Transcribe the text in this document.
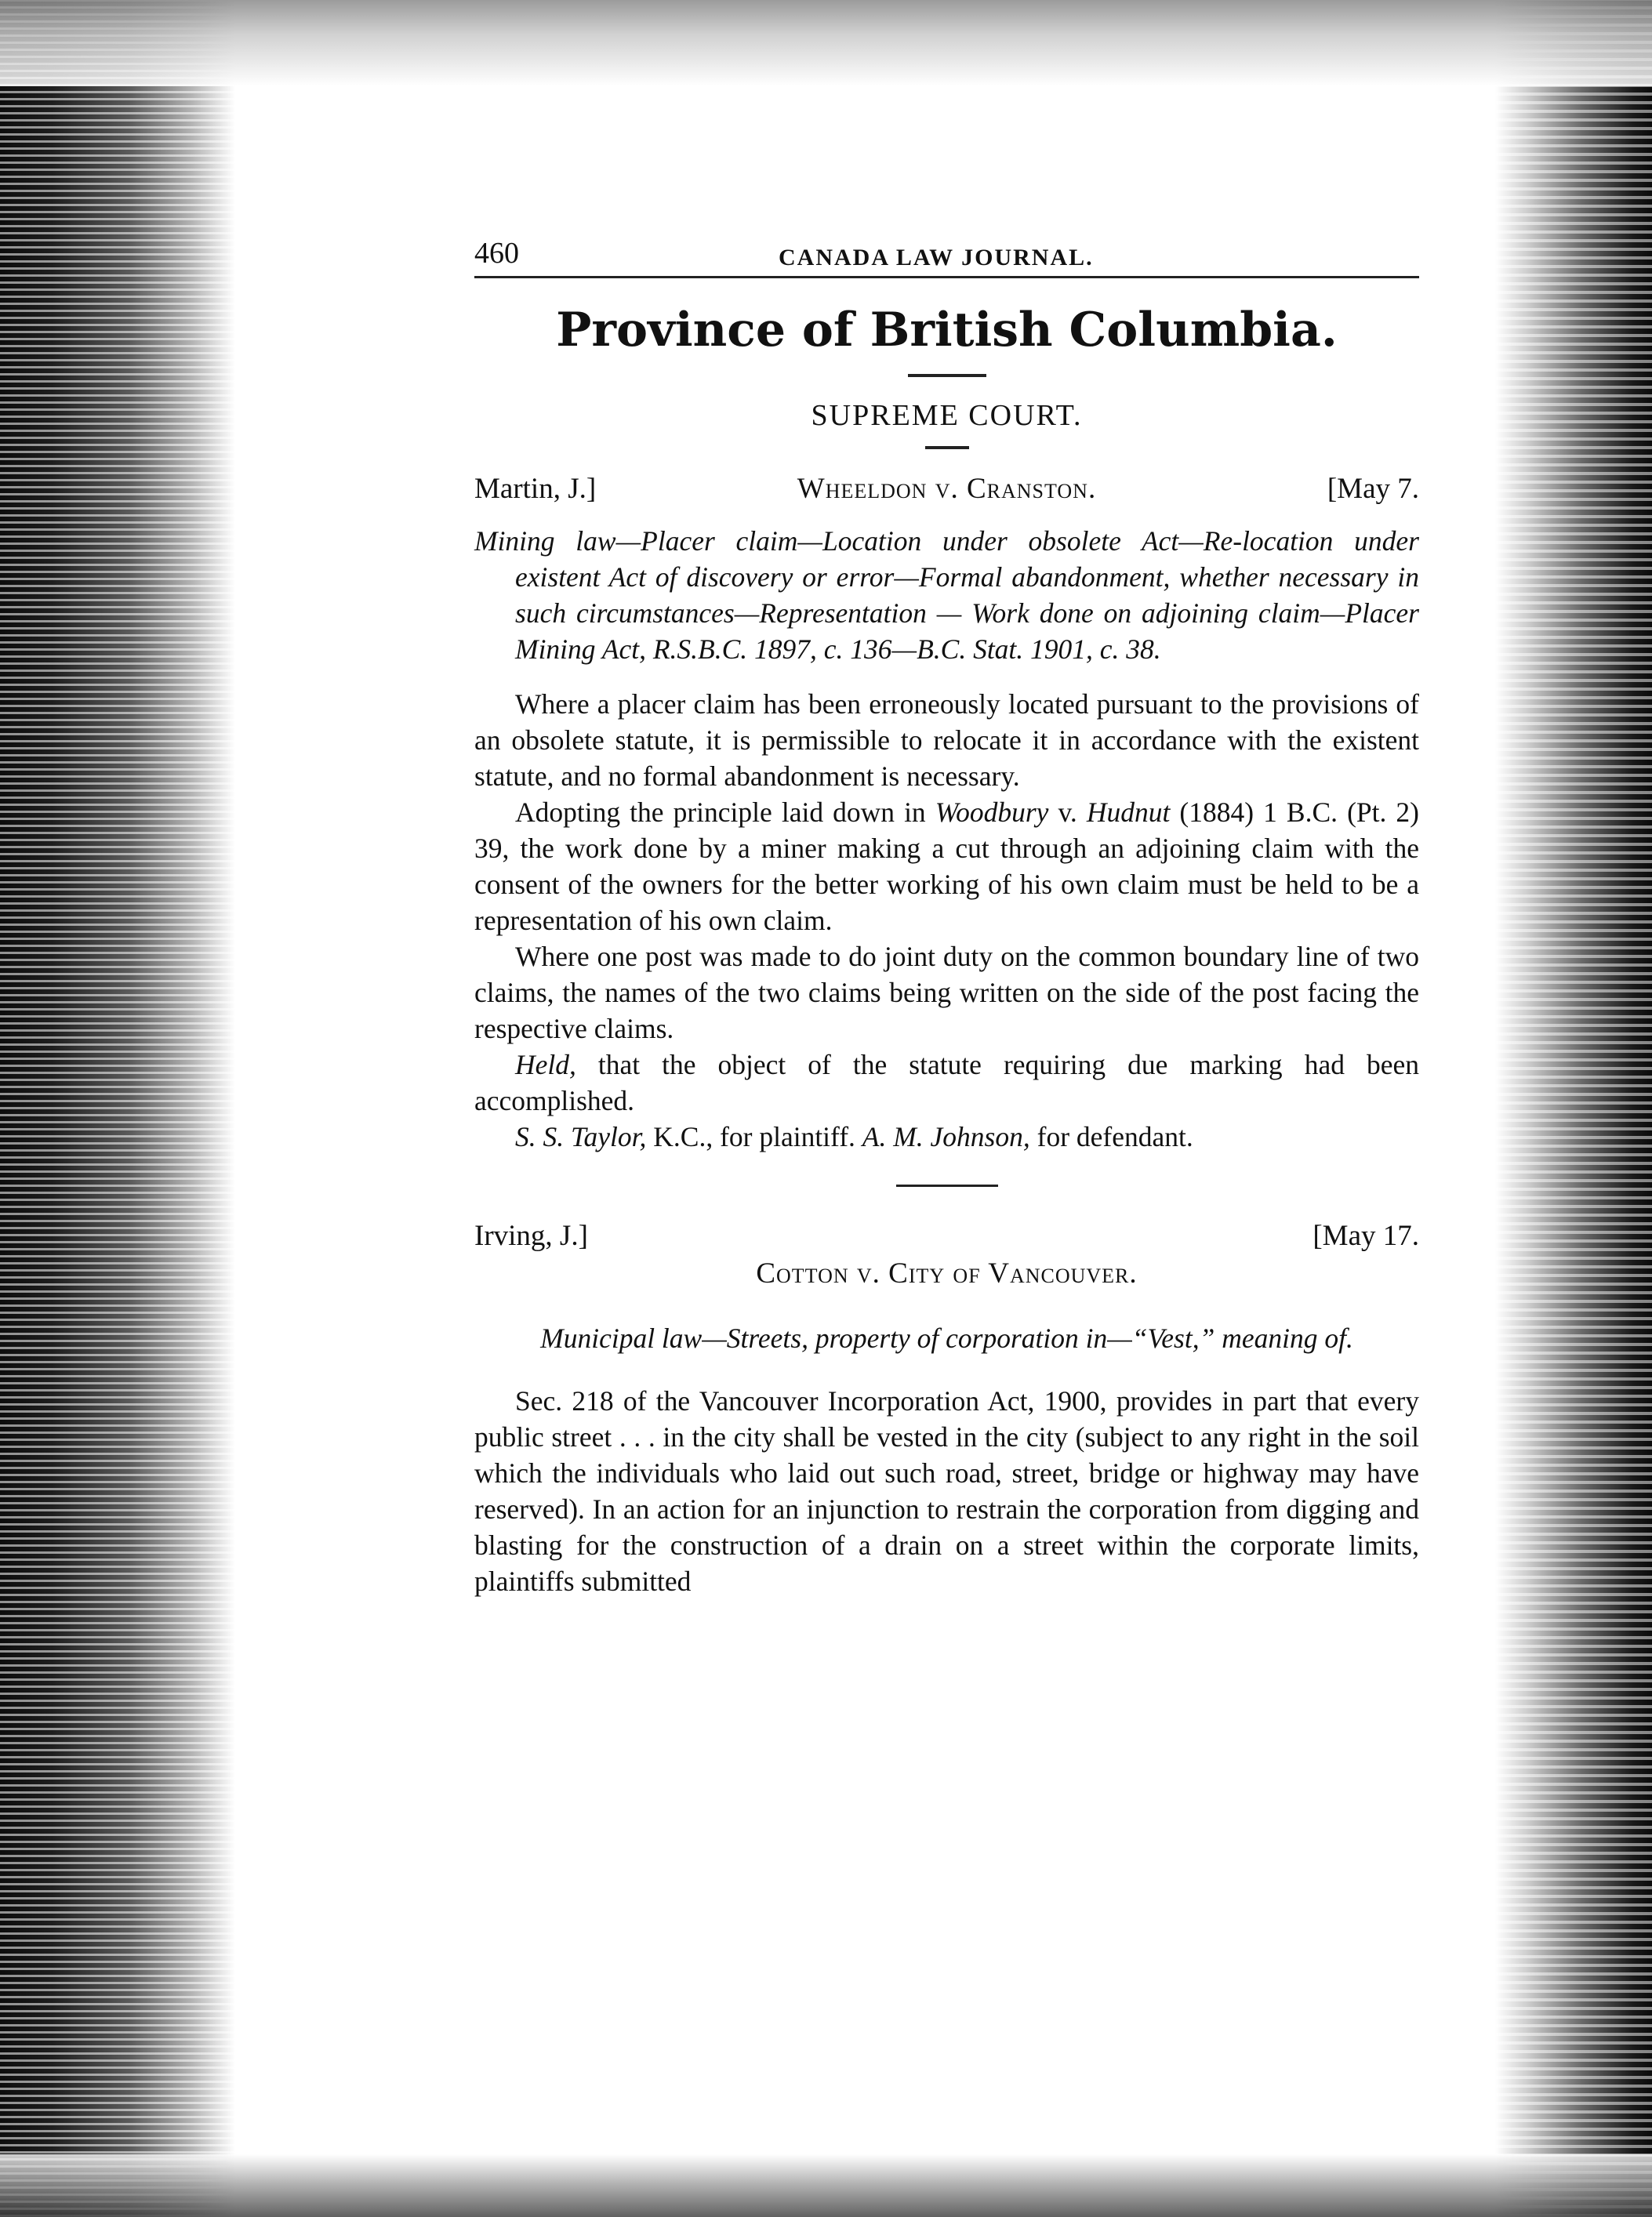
460	CANADA LAW JOURNAL.
Province of British Columbia.
SUPREME COURT.
Martin, J.]	Wheeldon v. Cranston.	[May 7.
Mining law—Placer claim—Location under obsolete Act—Re-location under existent Act of discovery or error—Formal abandonment, whether necessary in such circumstances—Representation — Work done on adjoining claim—Placer Mining Act, R.S.B.C. 1897, c. 136—B.C. Stat. 1901, c. 38.

Where a placer claim has been erroneously located pursuant to the provisions of an obsolete statute, it is permissible to relocate it in accordance with the existent statute, and no formal abandonment is necessary.

Adopting the principle laid down in Woodbury v. Hudnut (1884) 1 B.C. (Pt. 2) 39, the work done by a miner making a cut through an adjoining claim with the consent of the owners for the better working of his own claim must be held to be a representation of his own claim.

Where one post was made to do joint duty on the common boundary line of two claims, the names of the two claims being written on the side of the post facing the respective claims.

Held, that the object of the statute requiring due marking had been accomplished.

S. S. Taylor, K.C., for plaintiff. A. M. Johnson, for defendant.

Irving, J.]	[May 17.
Cotton v. City of Vancouver.
Municipal law—Streets, property of corporation in—“Vest,” meaning of.

Sec. 218 of the Vancouver Incorporation Act, 1900, provides in part that every public street . . . in the city shall be vested in the city (subject to any right in the soil which the individuals who laid out such road, street, bridge or highway may have reserved). In an action for an injunction to restrain the corporation from digging and blasting for the construction of a drain on a street within the corporate limits, plaintiffs submitted
